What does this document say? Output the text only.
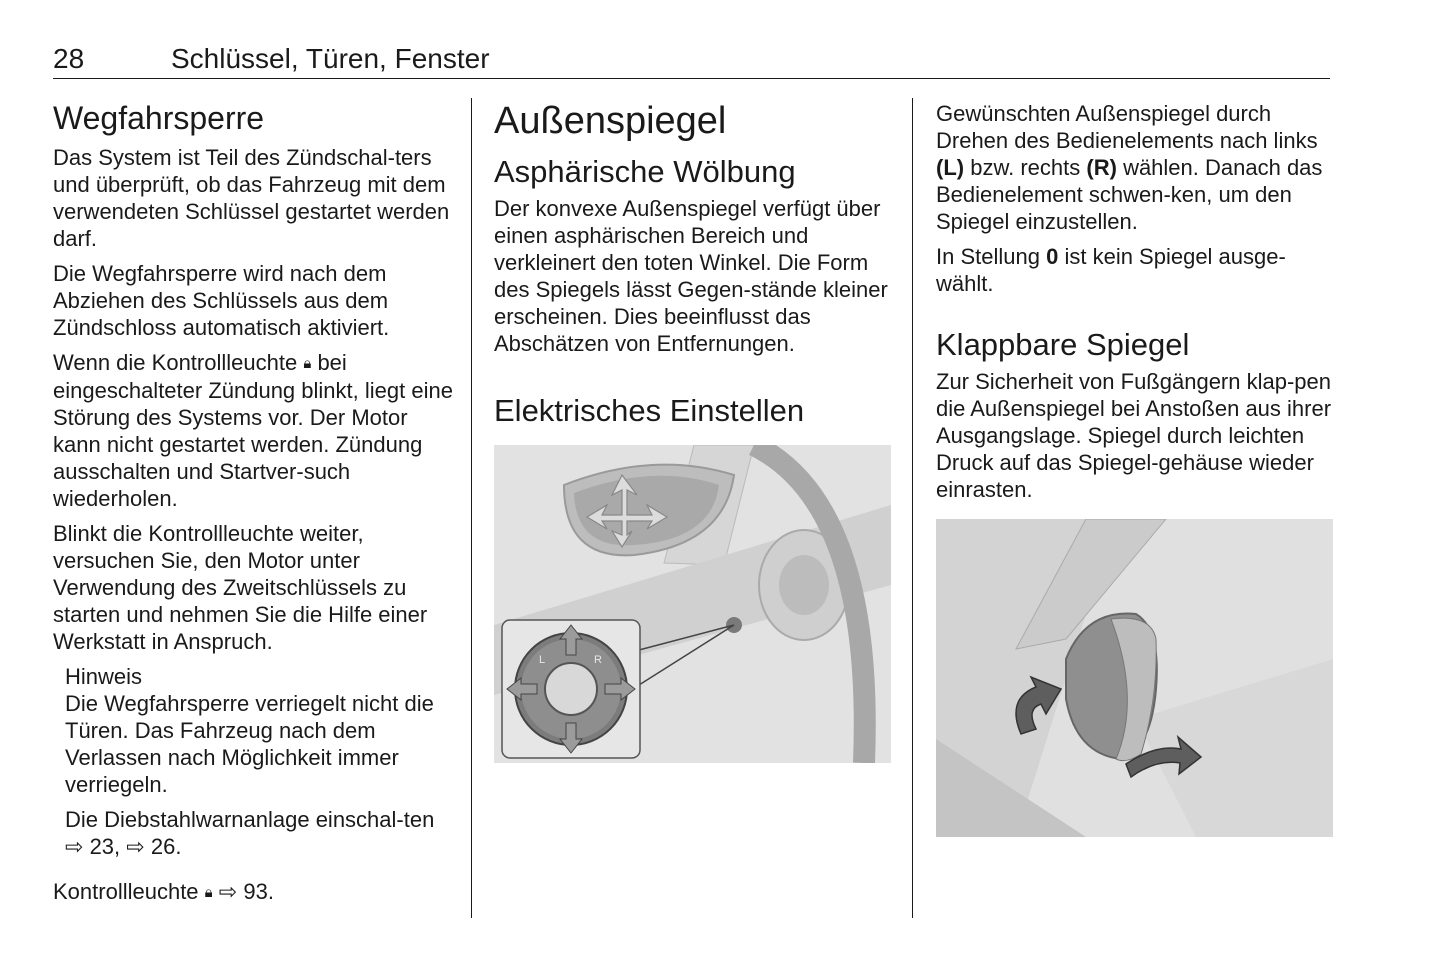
28	Schlüssel, Türen, Fenster
Wegfahrsperre

Das System ist Teil des Zündschal-ters und überprüft, ob das Fahrzeug mit dem verwendeten Schlüssel gestartet werden darf.

Die Wegfahrsperre wird nach dem Abziehen des Schlüssels aus dem Zündschloss automatisch aktiviert.

Wenn die Kontrollleuchte 🔒︎ bei eingeschalteter Zündung blinkt, liegt eine Störung des Systems vor. Der Motor kann nicht gestartet werden. Zündung ausschalten und Startver-such wiederholen.

Blinkt die Kontrollleuchte weiter, versuchen Sie, den Motor unter Verwendung des Zweitschlüssels zu starten und nehmen Sie die Hilfe einer Werkstatt in Anspruch.

Hinweis

Die Wegfahrsperre verriegelt nicht die Türen. Das Fahrzeug nach dem Verlassen nach Möglichkeit immer verriegeln.

Die Diebstahlwarnanlage einschal-ten ⇨ 23, ⇨ 26.

Kontrollleuchte 🔒︎ ⇨ 93.

Außenspiegel
Asphärische Wölbung

Der konvexe Außenspiegel verfügt über einen asphärischen Bereich und verkleinert den toten Winkel. Die Form des Spiegels lässt Gegen-stände kleiner erscheinen. Dies beeinflusst das Abschätzen von Entfernungen.

Elektrisches Einstellen
L	R

Gewünschten Außenspiegel durch Drehen des Bedienelements nach links (L) bzw. rechts (R) wählen. Danach das Bedienelement schwen-ken, um den Spiegel einzustellen.

In Stellung 0 ist kein Spiegel ausge-wählt.

Klappbare Spiegel

Zur Sicherheit von Fußgängern klap-pen die Außenspiegel bei Anstoßen aus ihrer Ausgangslage. Spiegel durch leichten Druck auf das Spiegel-gehäuse wieder einrasten.
